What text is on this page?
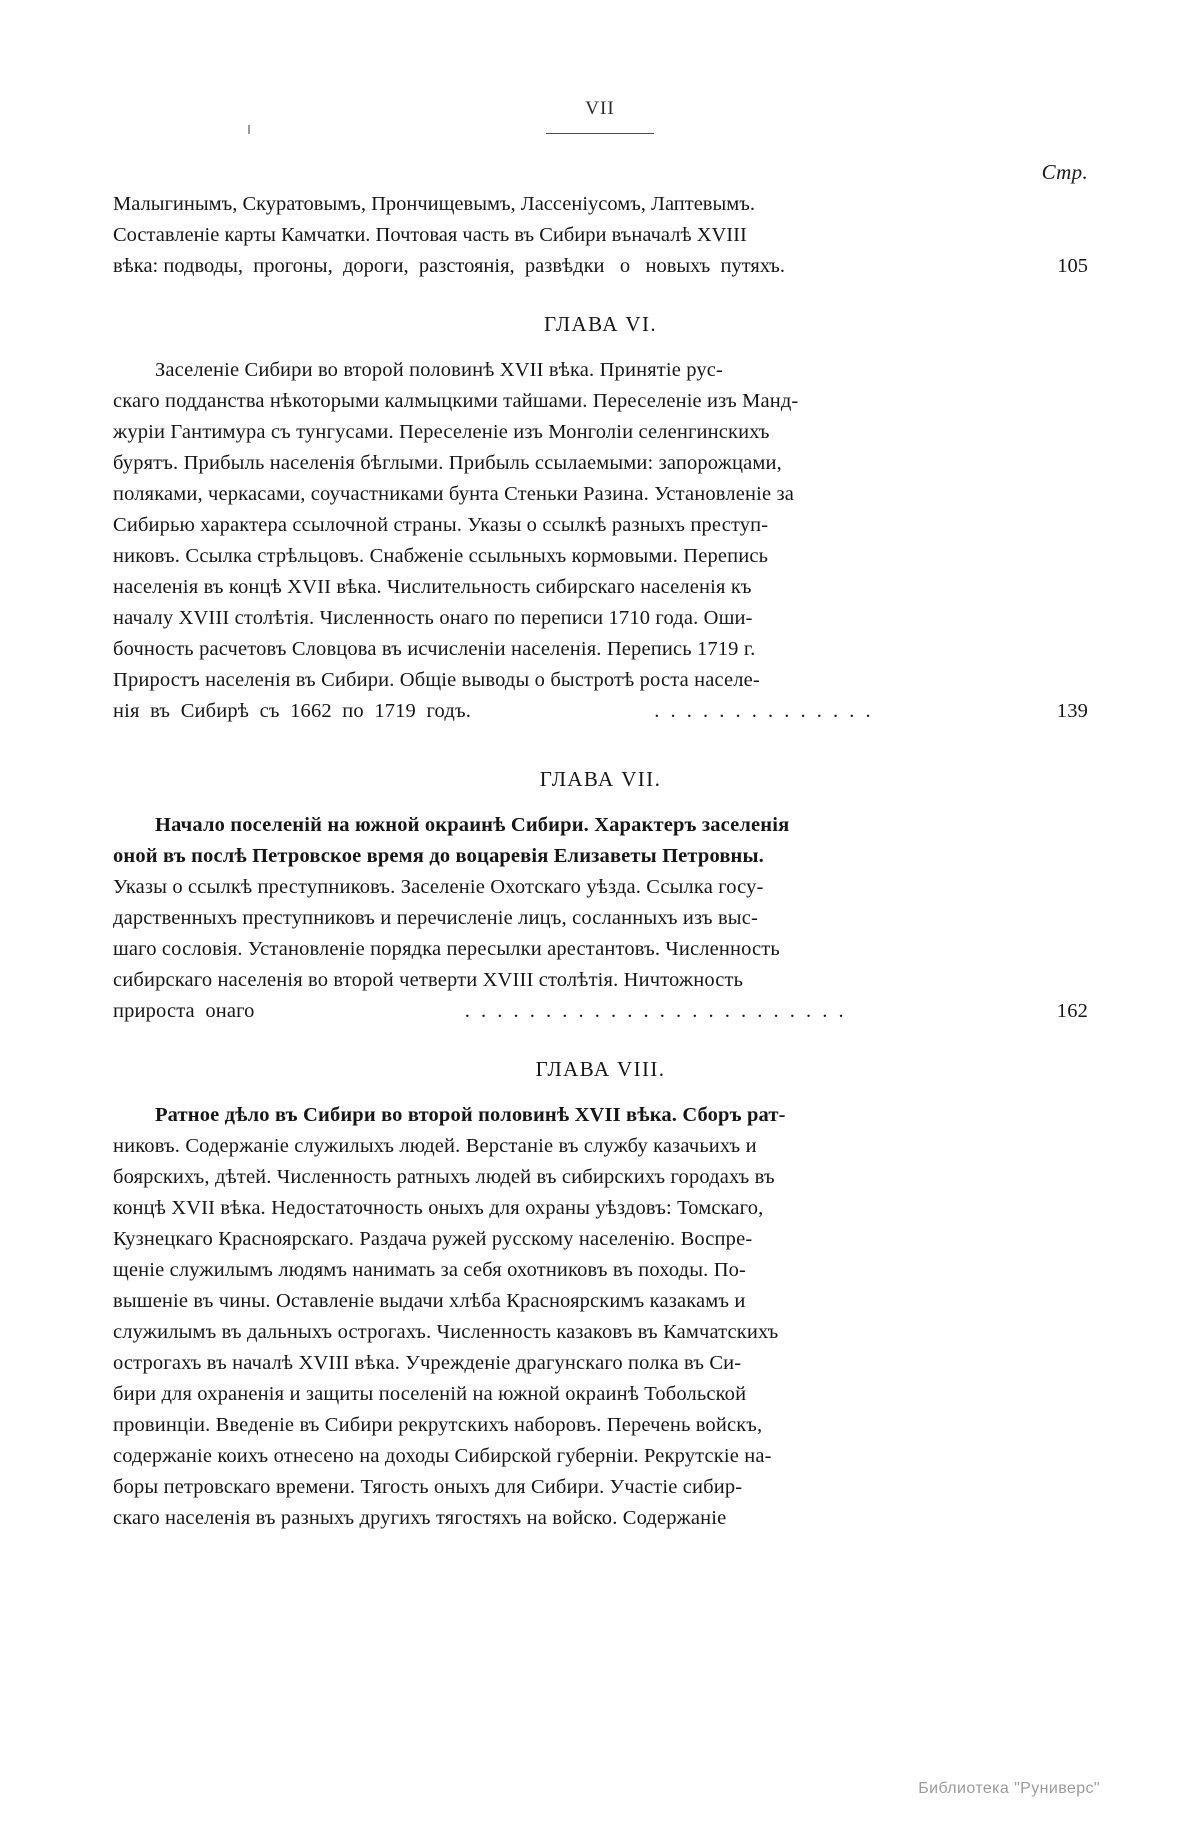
VII
Стр.
Малыгинымъ, Скуратовымъ, Прончищевымъ, Лассеніусомъ, Лаптевымъ.
Составленіе карты Камчатки. Почтовая часть въ Сибири въначалѣ XVIII
вѣка: подводы,  прогоны,  дороги,  разстоянія,  развѣдки   о   новыхъ  путяхъ.	105
ГЛАВА VI.
Заселеніе Сибири во второй половинѣ XVII вѣка. Принятіе рус-
скаго подданства нѣкоторыми калмыцкими тайшами. Переселеніе изъ Манд-
журіи Гантимура съ тунгусами. Переселеніе изъ Монголіи селенгинскихъ
бурятъ. Прибыль населенія бѣглыми. Прибыль ссылаемыми: запорожцами,
поляками, черкасами, соучастниками бунта Стеньки Разина. Установленіе за
Сибирью характера ссылочной страны. Указы о ссылкѣ разныхъ преступ-
никовъ. Ссылка стрѣльцовъ. Снабженіе ссыльныхъ кормовыми. Перепись
населенія въ концѣ XVII вѣка. Числительность сибирскаго населенія къ
началу XVIII столѣтія. Численность онаго по переписи 1710 года. Оши-
бочность расчетовъ Словцова въ исчисленіи населенія. Перепись 1719 г.
Приростъ населенія въ Сибири. Общіе выводы о быстротѣ роста населе-
нія  въ  Сибирѣ  съ  1662  по  1719  годъ.	. . . . . . . . . . . . . .	139
ГЛАВА VII.
Начало поселеній на южной окраинѣ Сибири. Характеръ заселенія
оной въ послѣ Петровское время до воцаревія Елизаветы Петровны.
Указы о ссылкѣ преступниковъ. Заселеніе Охотскаго уѣзда. Ссылка госу-
дарственныхъ преступниковъ и перечисленіе лицъ, сосланныхъ изъ выс-
шаго сословія. Установленіе порядка пересылки арестантовъ. Численность
сибирскаго населенія во второй четверти XVIII столѣтія. Ничтожность
прироста  онаго	. . . . . . . . . . . . . . . . . . . . . . . .	162
ГЛАВА VIII.
Ратное дѣло въ Сибири во второй половинѣ XVII вѣка. Сборъ рат-
никовъ. Содержаніе служилыхъ людей. Верстаніе въ службу казачьихъ и
боярскихъ, дѣтей. Численность ратныхъ людей въ сибирскихъ городахъ въ
концѣ XVII вѣка. Недостаточность оныхъ для охраны уѣздовъ: Томскаго,
Кузнецкаго Красноярскаго. Раздача ружей русскому населенію. Воспре-
щеніе служилымъ людямъ нанимать за себя охотниковъ въ походы. По-
вышеніе въ чины. Оставленіе выдачи хлѣба Красноярскимъ казакамъ и
служилымъ въ дальныхъ острогахъ. Численность казаковъ въ Камчатскихъ
острогахъ въ началѣ XVIII вѣка. Учрежденіе драгунскаго полка въ Си-
бири для охраненія и защиты поселеній на южной окраинѣ Тобольской
провинціи. Введеніе въ Сибири рекрутскихъ наборовъ. Перечень войскъ,
содержаніе коихъ отнесено на доходы Сибирской губерніи. Рекрутскіе на-
боры петровскаго времени. Тягость оныхъ для Сибири. Участіе сибир-
скаго населенія въ разныхъ другихъ тягостяхъ на войско. Содержаніе
Библиотека "Руниверс"
